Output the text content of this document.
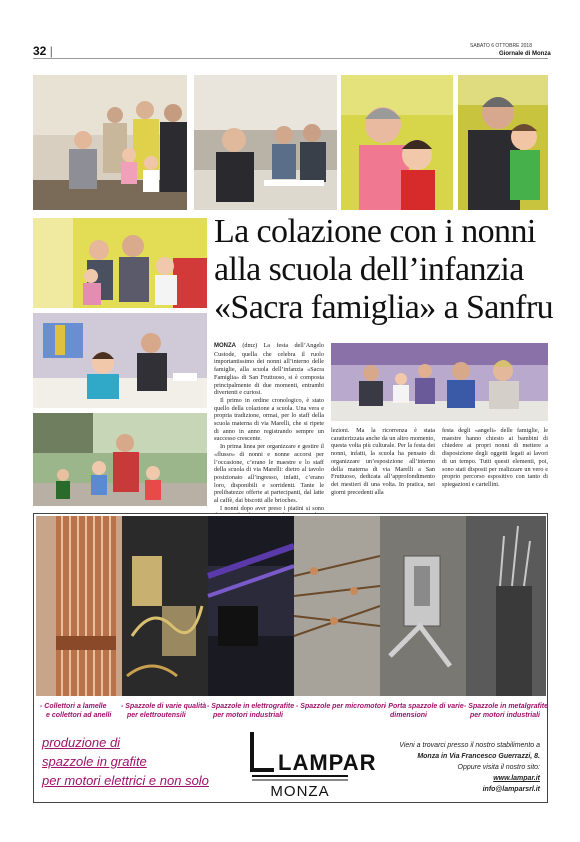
32 |	SABATO 6 OTTOBRE 2018
Giornale di Monza
La colazione con i nonni
alla scuola dell’infanzia
«Sacra famiglia» a Sanfru

MONZA (dmz) La festa dell’Angelo Custode, quella che celebra il ruolo importantissimo dei nonni all’interno delle famiglie, alla scuola dell’infanzia «Sacra Famiglia» di San Fruttuoso, si è composta principalmente di due momenti, entrambi divertenti e curiosi.

Il primo in ordine cronologico, è stato quello della colazione a scuola. Una vera e propria tradizione, ormai, per lo staff della scuola materna di via Marelli, che si ripete di anno in anno registrando sempre un successo crescente.

In prima linea per organizzare e gestire il «flusso» di nonni e nonne accorsi per l’occasione, c’erano le maestre e lo staff della scuola di via Marelli: dietro al tavolo posizionato all’ingresso, infatti, c’erano loro, disponibili e sorridenti. Tante le prelibatezze offerte ai partecipanti, dal latte al caffè, dai biscotti alle brioches.

I nonni dopo aver preso i piatini si sono

lezioni. Ma la ricorrenza è stata caratterizzata anche da un altro momento, questa volta più culturale. Per la festa dei nonni, infatti, la scuola ha pensato di organizzare un’esposizione all’interno della materna di via Marelli a San Fruttuoso, dedicata all’approfondimento dei mestieri di una volta. In pratica, nei giorni precedenti alla

festa degli «angeli» delle famiglie, le maestre hanno chiesto ai bambini di chiedere ai propri nonni di mettere a disposizione degli oggetti legati ai lavori di un tempo. Tutti questi elementi, poi, sono stati disposti per realizzare un vero e proprio percorso espositivo con tanto di spiegazioni e cartellini.

- Collettori a lamelle
e collettori ad anelli
- Spazzole di varie qualità
per elettroutensili
- Spazzole in elettrografite
per motori industriali
- Spazzole per micromotori
- Porta spazzole di varie
dimensioni
- Spazzole in metalgrafite
per motori industriali
produzione di
spazzole in grafite
per motori elettrici e non solo
LAMPAR
MONZA
Vieni a trovarci presso il nostro stabilimento a
Monza in Via Francesco Guerrazzi, 8.
Oppure visita il nostro sito:
www.lampar.it
info@lamparsrl.it
